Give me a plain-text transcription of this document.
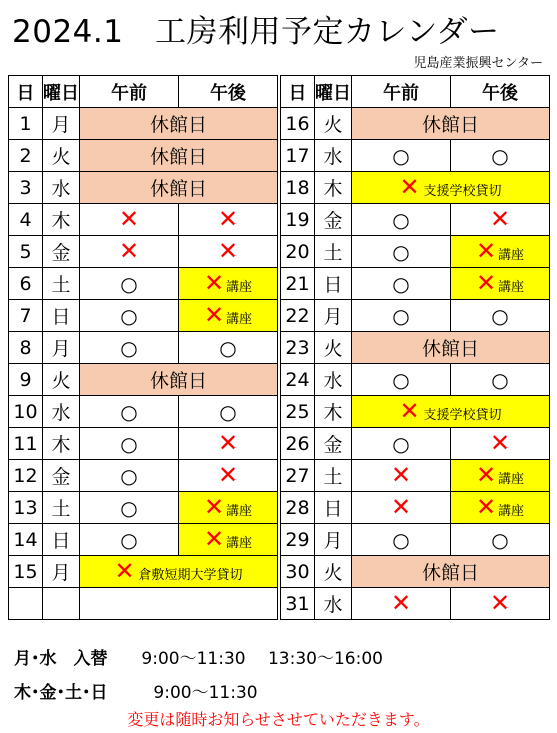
2024.1　工房利用予定カレンダー
児島産業振興センター
日	曜日	午前	午後
1	月	休館日	
2	火	休館日	
3	水	休館日	
4	木	✕	✕
5	金	✕	✕
6	土	○	✕ 講座
7	日	○	✕ 講座
8	月	○	○
9	火	休館日	
10	水	○	○
11	木	○	✕
12	金	○	✕
13	土	○	✕ 講座
14	日	○	✕ 講座
15	月	✕ 倉敷短期大学貸切	

日	曜日	午前	午後
16	火	休館日	
17	水	○	○
18	木	✕ 支援学校貸切	
19	金	○	✕
20	土	○	✕ 講座
21	日	○	✕ 講座
22	月	○	○
23	火	休館日	
24	水	○	○
25	木	✕ 支援学校貸切	
26	金	○	✕
27	土	✕	✕ 講座
28	日	✕	✕ 講座
29	月	○	○
30	火	休館日	
31	水	✕	✕
月･水　入替 9:00～11:30　 13:30～16:00
木･金･土･日	9:00～11:30
変更は随時お知らせさせていただきます。
